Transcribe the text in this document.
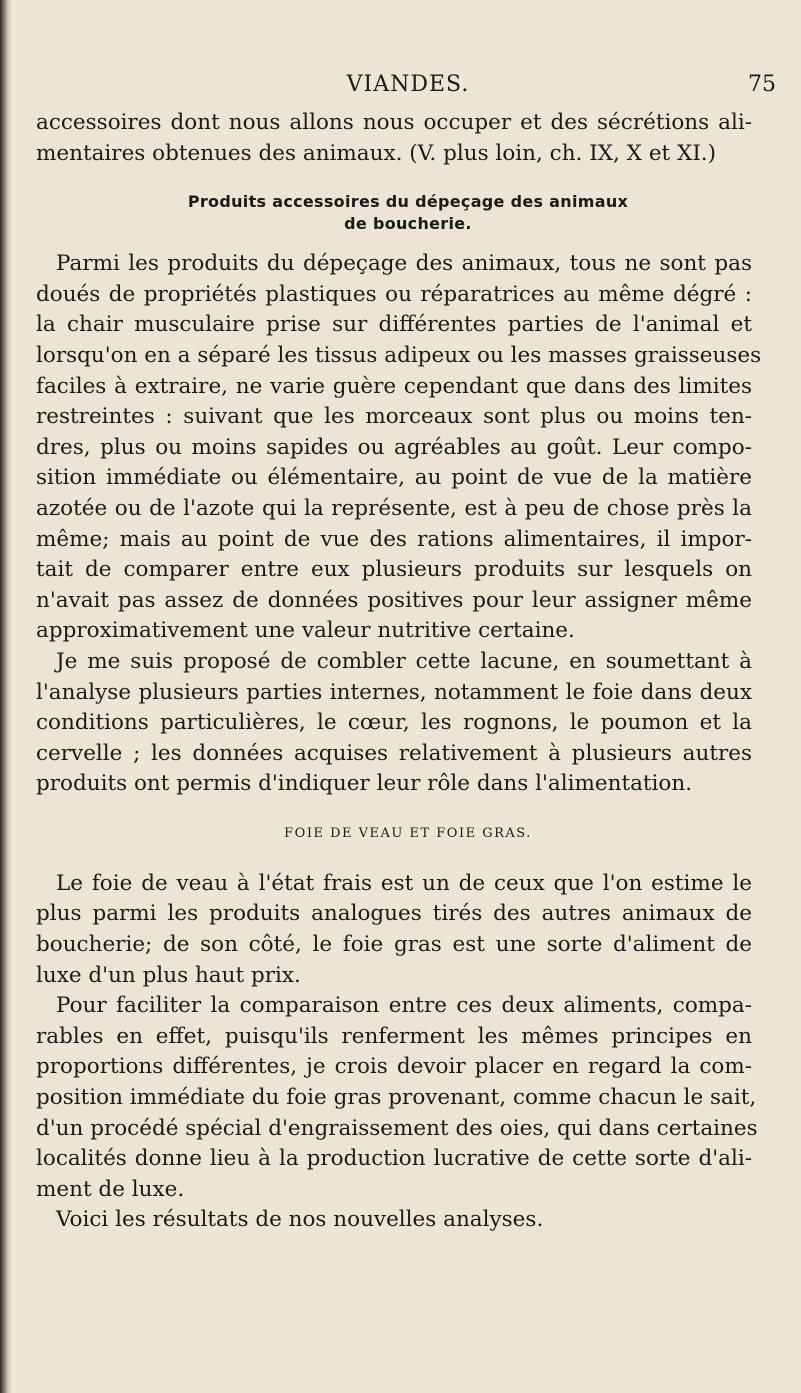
VIANDES.	75
accessoires dont nous allons nous occuper et des sécrétions ali-
mentaires obtenues des animaux. (V. plus loin, ch. IX, X et XI.)
Produits accessoires du dépeçage des animaux
de boucherie.
Parmi les produits du dépeçage des animaux, tous ne sont pas
doués de propriétés plastiques ou réparatrices au même dégré :
la chair musculaire prise sur différentes parties de l'animal et
lorsqu'on en a séparé les tissus adipeux ou les masses graisseuses
faciles à extraire, ne varie guère cependant que dans des limites
restreintes : suivant que les morceaux sont plus ou moins ten-
dres, plus ou moins sapides ou agréables au goût. Leur compo-
sition immédiate ou élémentaire, au point de vue de la matière
azotée ou de l'azote qui la représente, est à peu de chose près la
même; mais au point de vue des rations alimentaires, il impor-
tait de comparer entre eux plusieurs produits sur lesquels on
n'avait pas assez de données positives pour leur assigner même
approximativement une valeur nutritive certaine.
Je me suis proposé de combler cette lacune, en soumettant à
l'analyse plusieurs parties internes, notamment le foie dans deux
conditions particulières, le cœur, les rognons, le poumon et la
cervelle ; les données acquises relativement à plusieurs autres
produits ont permis d'indiquer leur rôle dans l'alimentation.
FOIE DE VEAU ET FOIE GRAS.
Le foie de veau à l'état frais est un de ceux que l'on estime le
plus parmi les produits analogues tirés des autres animaux de
boucherie; de son côté, le foie gras est une sorte d'aliment de
luxe d'un plus haut prix.
Pour faciliter la comparaison entre ces deux aliments, compa-
rables en effet, puisqu'ils renferment les mêmes principes en
proportions différentes, je crois devoir placer en regard la com-
position immédiate du foie gras provenant, comme chacun le sait,
d'un procédé spécial d'engraissement des oies, qui dans certaines
localités donne lieu à la production lucrative de cette sorte d'ali-
ment de luxe.
Voici les résultats de nos nouvelles analyses.
